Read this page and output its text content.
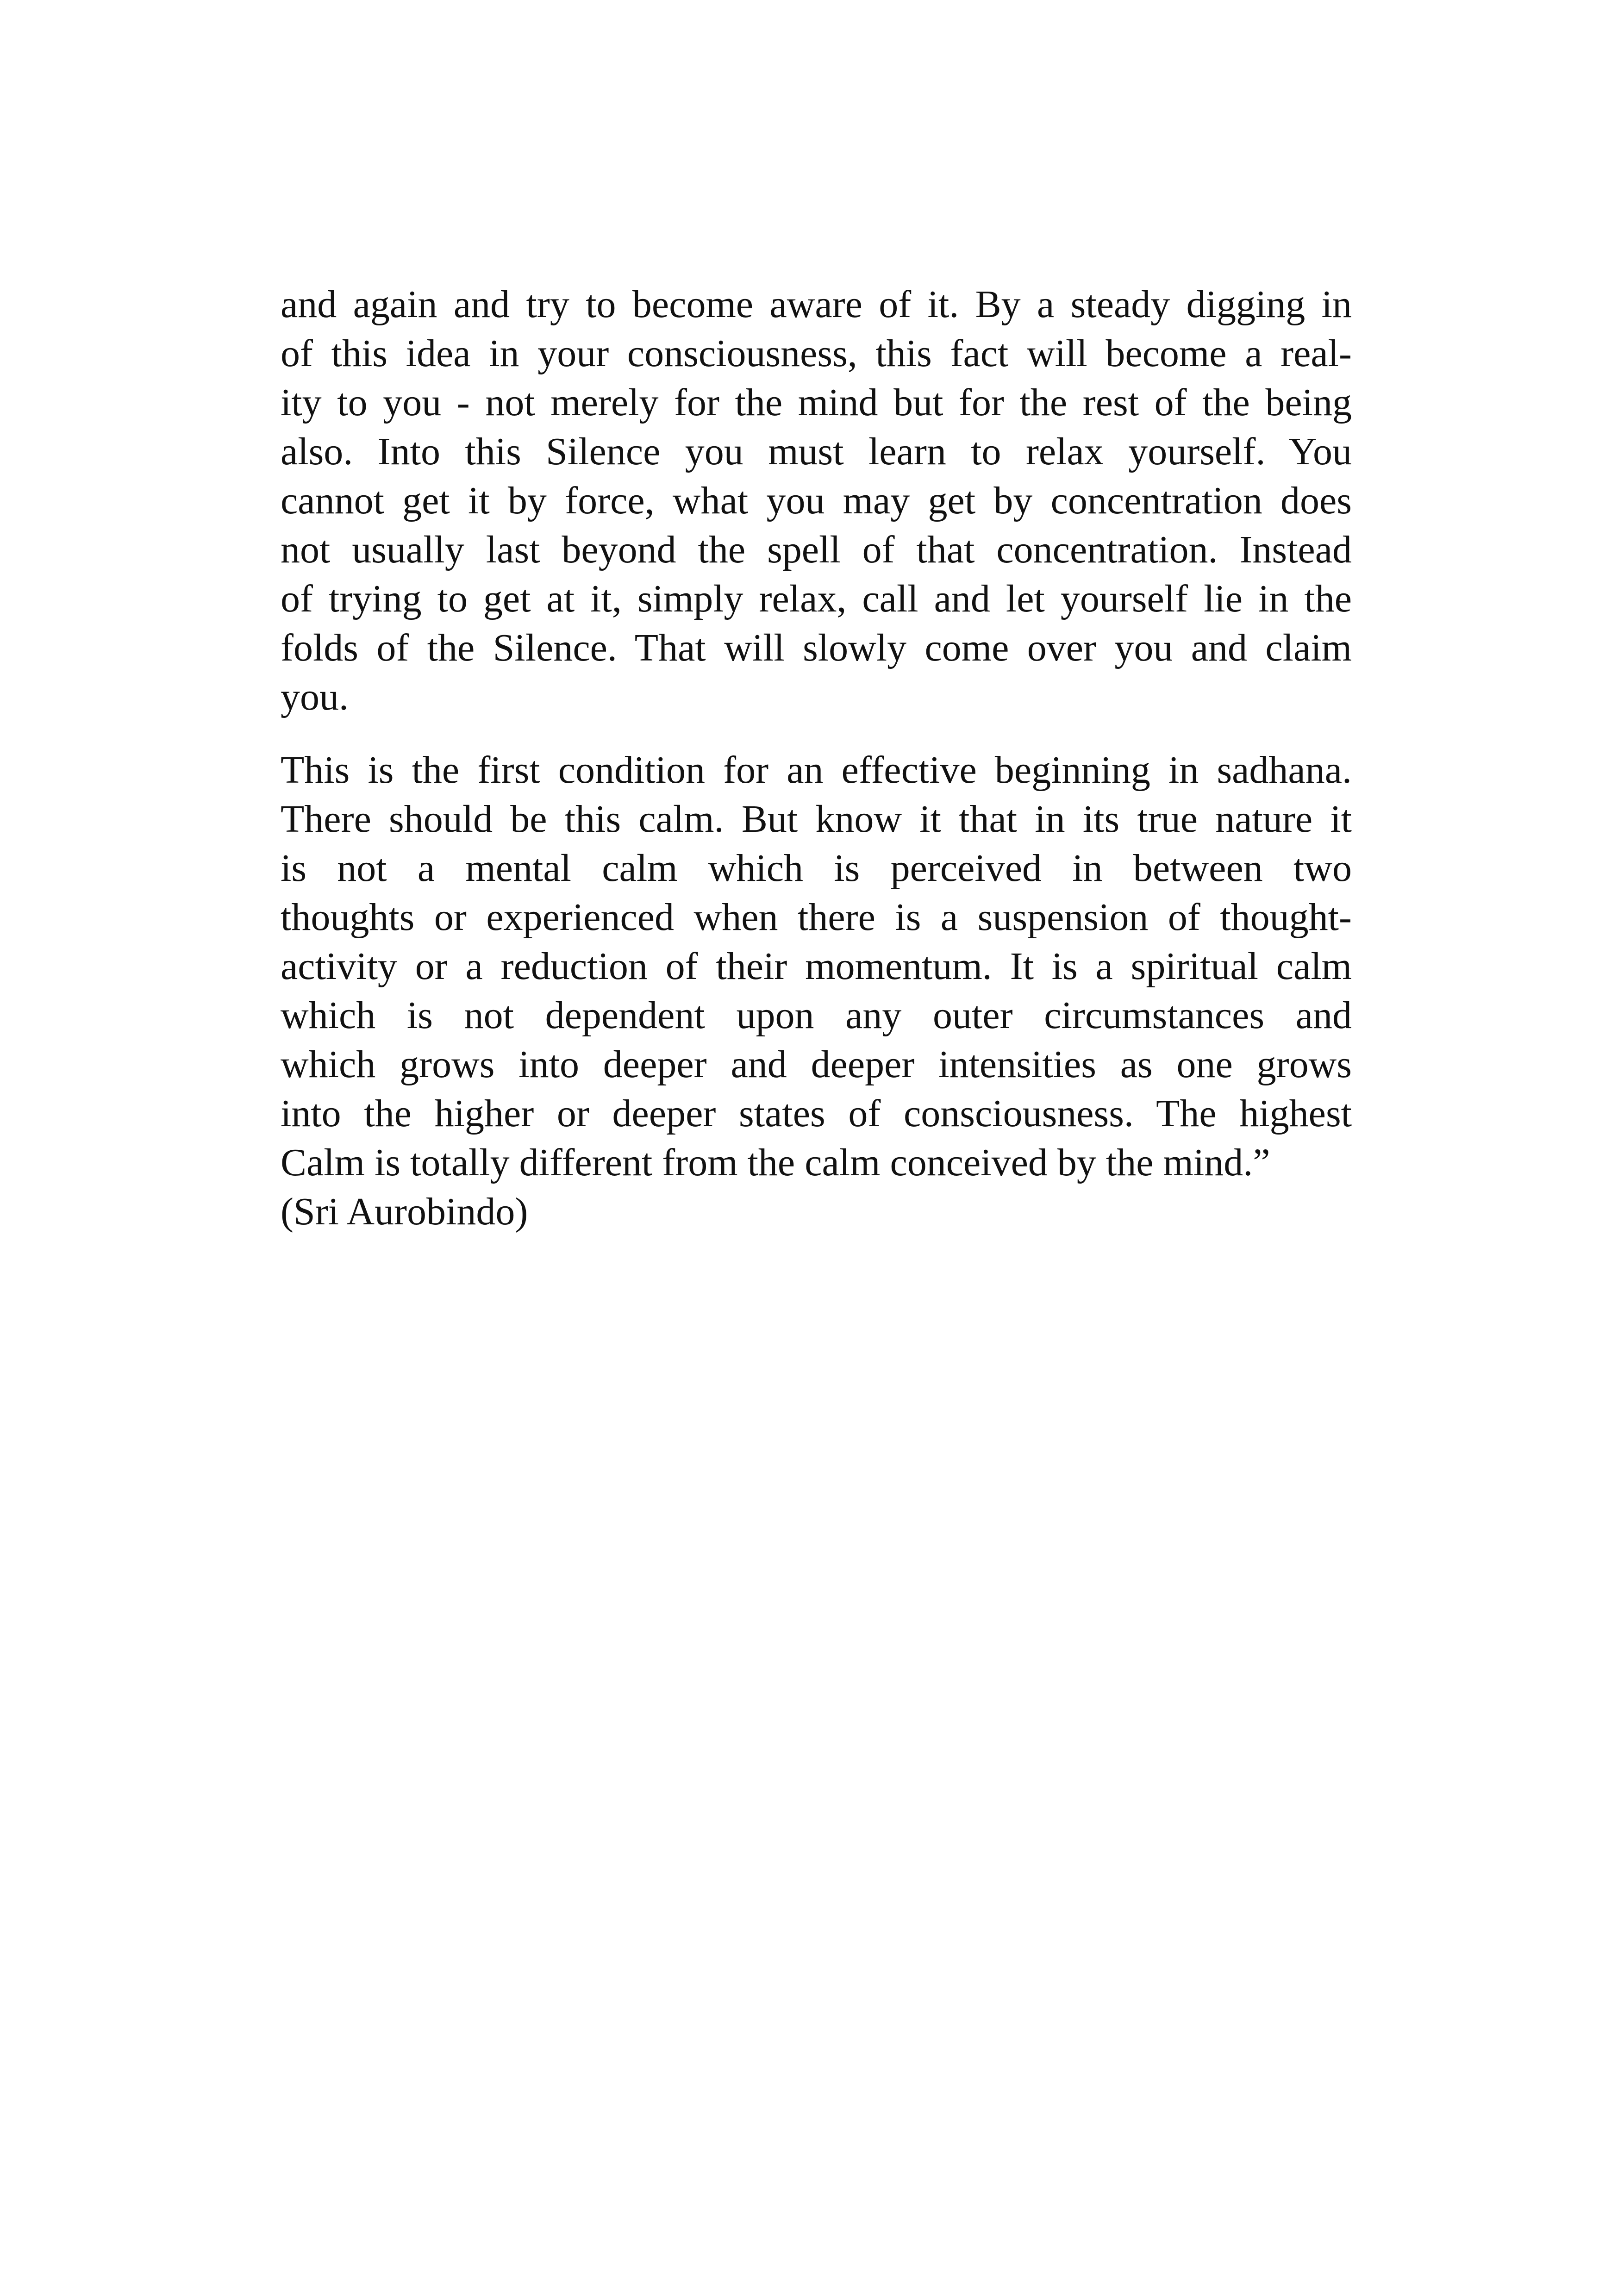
and again and try to become aware of it. By a steady digging in
of this idea in your consciousness, this fact will become a real-
ity to you - not merely for the mind but for the rest of the being
also. Into this Silence you must learn to relax yourself. You
cannot get it by force, what you may get by concentration does
not usually last beyond the spell of that concentration. Instead
of trying to get at it, simply relax, call and let yourself lie in the
folds of the Silence. That will slowly come over you and claim
you.
This is the first condition for an effective beginning in sadhana.
There should be this calm. But know it that in its true nature it
is not a mental calm which is perceived in between two
thoughts or experienced when there is a suspension of thought-
activity or a reduction of their momentum. It is a spiritual calm
which is not dependent upon any outer circumstances and
which grows into deeper and deeper intensities as one grows
into the higher or deeper states of consciousness. The highest
Calm is totally different from the calm conceived by the mind.”
(Sri Aurobindo)
